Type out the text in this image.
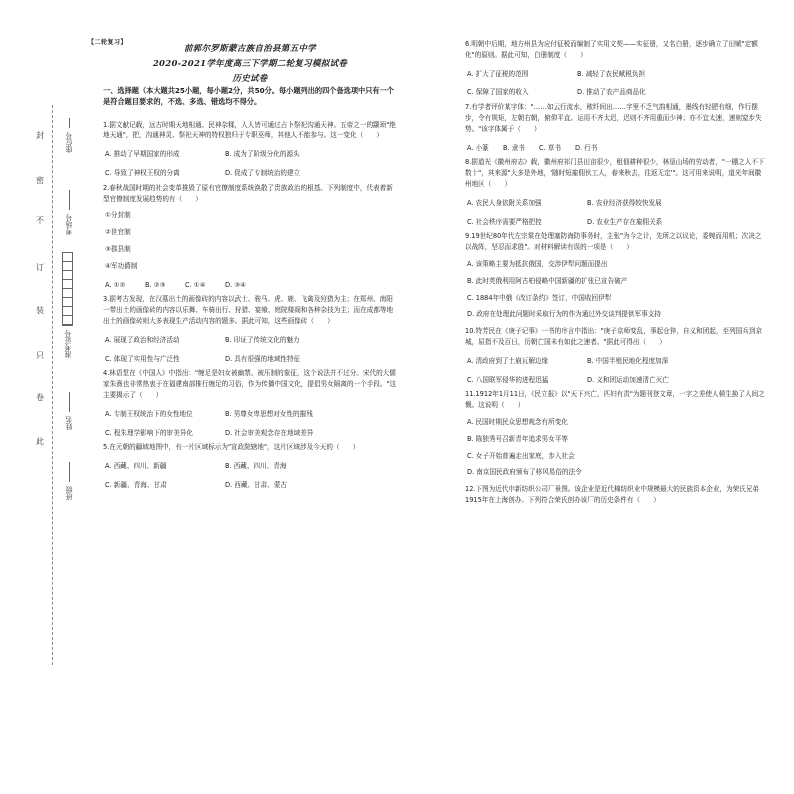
【二轮复习】
封
密
不
订
装
只
卷
此
座位号
考场号
准考证号
姓名
班级
前郭尔罗斯蒙古族自治县第五中学
2020-2021学年度高三下学期二轮复习模拟试卷
历史试卷

一、选择题（本大题共25小题，每小题2分，共50分。每小题列出的四个备选项中只有一个是符合题目要求的，不选、多选、错选均不得分。

1.据文献记载，远古时期天地相通、民神杂糅，人人皆可通过占卜祭祀沟通天神。五帝之一的颛顼"绝地天通"，把，沟通神灵、祭祀天神的特权独归于专职巫师，其他人不能参与。这一变化（　　）

A. 推动了早期国家的形成	B. 成为了阶级分化的源头
C. 导致了神权王权的分离	D. 促成了专制统治的建立

2.春秋战国时期的社会变革推毁了原有官僚制度系统涣散了贵族政治的根基。下列制度中，代表着新型官僚制度发展趋势的有（　　）

①分封制
②世官制
③郡县制
④军功爵制
A. ①②	B. ②③	C. ①④	D. ③④

3.据考古发现，在汉墓出土的画像砖的内容以武士、骏马、虎、鹿、飞禽及狩猎为主；在郑州、南阳一带出土的画像砖的内容以乐舞、车骑出行、狩猎、宴飨、庭院楼阁和各种杂技为主；而在成都等地出土的画像砖则大多表现生产活动内容的题多。据此可知，这些画像砖（　　）

A. 展现了政治和经济活动	B. 印证了传统文化的魅力
C. 体现了实用性与广泛性	D. 具有很强的地域性特征

4.林语堂在《中国人》中指出："缠足是妇女被幽禁、被压制的象征，这个说法并不过分。宋代的大儒家朱熹也非常热衷于在福建南部推行缠足的习俗，作为传播中国文化，提倡男女隔离的一个手段。"这主要揭示了（　　）

A. 专制王权统治下的女性地位	B. 男尊女卑思想对女性的摧残
C. 程朱理学影响下的审美异化	D. 社会审美观念存在地域差异

5.在元朝的疆域地图中，有一片区域标示为"宣政院辖地"，这片区域涉及今天的（　　）

A. 西藏、四川、新疆	B. 西藏、四川、青海
C. 新疆、青海、甘肃	D. 西藏、甘肃、蒙古

6.明朝中后期，地方州县为应付征税而编制了实用文契——实征册，又名白册，逐步确立了田赋"定额化"的原则。据此可知，白册制度（　　）

A. 扩大了征税的范围	B. 减轻了农民赋税负担
C. 保障了国家的收入	D. 推动了农产品商品化

7.有学者评价某字体："……如云行流水，秾纤间出……字里不乏气韵相通，墨线有轻肥有细，作行摆步，令有规矩，左朝右朝，俯仰平直。运用不齐太迟，迟则不齐用重而少神；亦不宜太速，速则窒步失势。"该字体属于（　　）

A. 小篆	B. 隶书	C. 草书	D. 行书

8.据道光《徽州府志》载，徽州府祁门县田亩很少，租佃耕种很少，林垦山场的劳动者，"一棚之人不下数十"，其来源"大多是外地，'随时短雇佣伙工人，春来秋去，往返无定'"。这可用来说明，道光年间徽州地区（　　）

A. 农民人身依附关系加强	B. 农业经济获得较快发展
C. 社会秩序需要严格把控	D. 农业生产存在雇佣关系

9.19世纪80年代左宗棠在处理塞防海防事务时，主张"为今之计，先所之以议论，委婉而用机；次决之以战阵，坚忍而求胜"。对材料解读有误的一项是（　　）

A. 该策略主要为抵抗俄国，交涉伊犁问题而提出
B. 此时英俄利用阿古柏侵略中国新疆的扩张已宣告破产
C. 1884年中俄《改订条约》签订，中国收回伊犁
D. 政府在处理此问题时采取行为的作为通过外交谈判提供军事支持

10.特芳民在《庚子记事》一书的序言中指出："庚子京师变乱，事起仓猝，自义和团起，至列国兵到京城，屈指不及百日，历朝亡国未有如此之速者。"据此可得出（　　）

A. 清政府到了土崩瓦解边缘	B. 中国半殖民地化程度加深
C. 八国联军侵华的进程迅猛	D. 义和团运动加速清亡灭亡

11.1912年1月11日，《民立报》以"天下兴亡，匹妇有责"为题刊登文章，一字之差使人顿生换了人间之慨。这说明（　　）

A. 民国时期民众思想观念有所变化
B. 陈独秀号召新青年追求男女平等
C. 女子开始普遍走出家庭，步入社会
D. 南京国民政府颁布了移风易俗的法令

12.下图为近代申新纺织公司厂景图。该企业是近代棉纺织业中规模最大的民族资本企业，为荣氏兄弟1915年在上海创办。下列符合荣氏创办该厂的历史条件有（　　）
